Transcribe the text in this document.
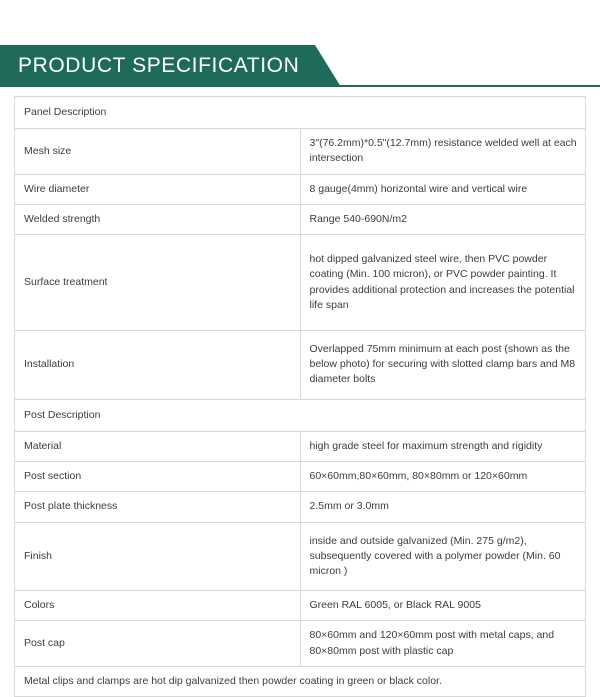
PRODUCT SPECIFICATION
Panel Description	
Mesh size	3"(76.2mm)*0.5"(12.7mm) resistance welded well at each intersection
Wire diameter	8 gauge(4mm) horizontal wire and vertical wire
Welded strength	Range 540-690N/m2
Surface treatment	hot dipped galvanized steel wire, then PVC powder coating (Min. 100 micron), or PVC powder painting. It provides additional protection and increases the potential life span
Installation	Overlapped 75mm minimum at each post (shown as the below photo) for securing with slotted clamp bars and M8 diameter bolts
Post Description	
Material	high grade steel for maximum strength and rigidity
Post section	60×60mm,80×60mm, 80×80mm or 120×60mm
Post plate thickness	2.5mm or 3.0mm
Finish	inside and outside galvanized (Min. 275 g/m2), subsequently covered with a polymer powder (Min. 60 micron )
Colors	Green RAL 6005, or Black RAL 9005
Post cap	80×60mm and 120×60mm post with metal caps, and 80×80mm post with plastic cap
Metal clips and clamps are hot dip galvanized then powder coating in green or black color.	
